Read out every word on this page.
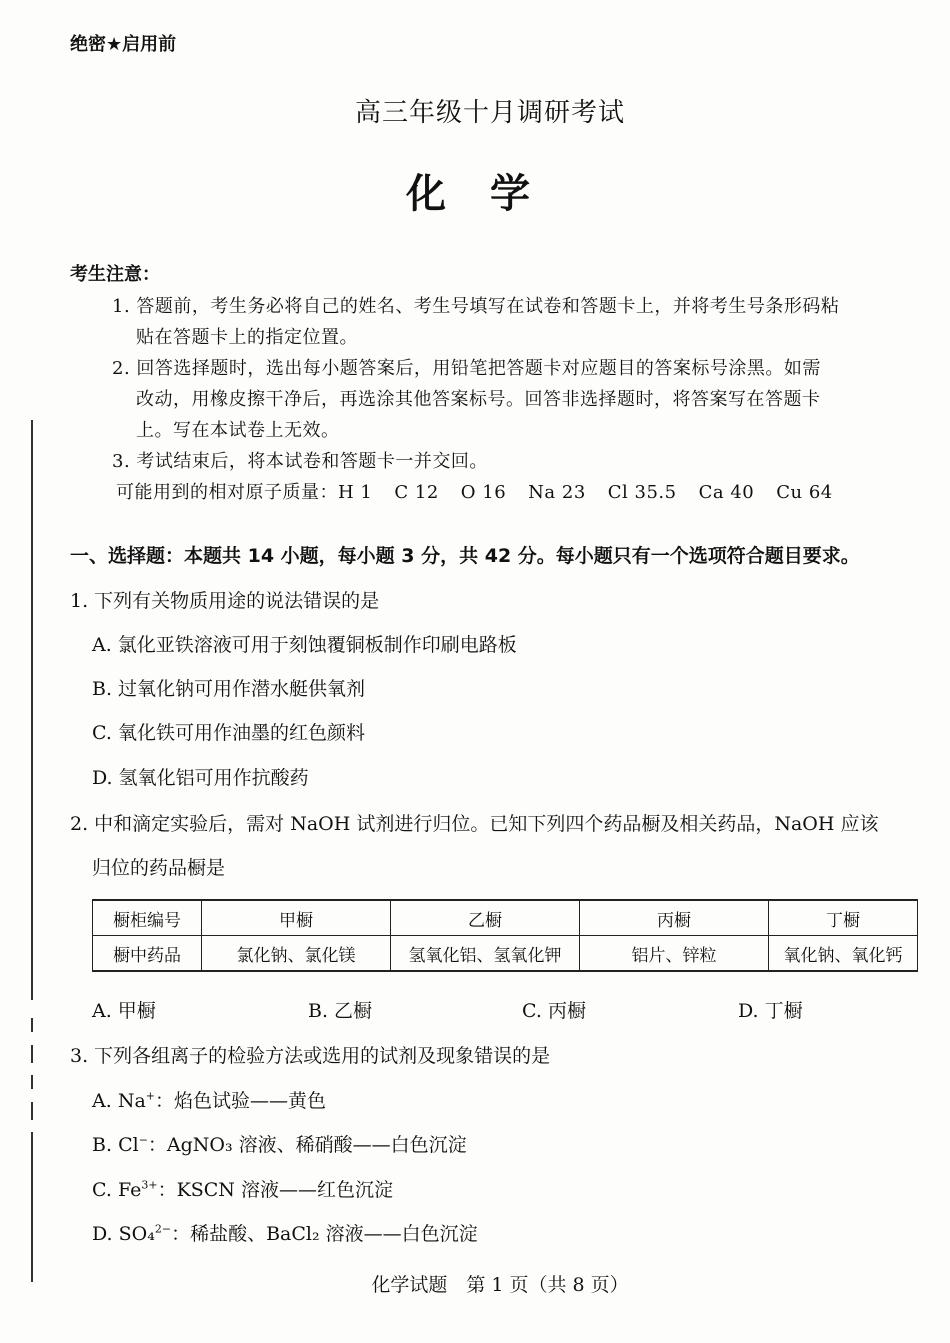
绝密★启用前
高三年级十月调研考试
化学
考生注意：
1. 答题前，考生务必将自己的姓名、考生号填写在试卷和答题卡上，并将考生号条形码粘
贴在答题卡上的指定位置。
2. 回答选择题时，选出每小题答案后，用铅笔把答题卡对应题目的答案标号涂黑。如需
改动，用橡皮擦干净后，再选涂其他答案标号。回答非选择题时，将答案写在答题卡
上。写在本试卷上无效。
3. 考试结束后，将本试卷和答题卡一并交回。
可能用到的相对原子质量：H 1 C 12 O 16 Na 23 Cl 35.5 Ca 40 Cu 64
一、选择题：本题共 14 小题，每小题 3 分，共 42 分。每小题只有一个选项符合题目要求。
1. 下列有关物质用途的说法错误的是
A. 氯化亚铁溶液可用于刻蚀覆铜板制作印刷电路板
B. 过氧化钠可用作潜水艇供氧剂
C. 氧化铁可用作油墨的红色颜料
D. 氢氧化铝可用作抗酸药
2. 中和滴定实验后，需对 NaOH 试剂进行归位。已知下列四个药品橱及相关药品，NaOH 应该
归位的药品橱是
橱柜编号	甲橱	乙橱	丙橱	丁橱
橱中药品	氯化钠、氯化镁	氢氧化铝、氢氧化钾	铝片、锌粒	氧化钠、氧化钙
A. 甲橱	B. 乙橱	C. 丙橱	D. 丁橱
3. 下列各组离子的检验方法或选用的试剂及现象错误的是
A. Na+：焰色试验——黄色
B. Cl−：AgNO₃ 溶液、稀硝酸——白色沉淀
C. $Fe^{3+}$：KSCN 溶液——红色沉淀
D. SO₄$^{2-}$：稀盐酸、BaCl₂ 溶液——白色沉淀
化学试题　第 1 页（共 8 页）
